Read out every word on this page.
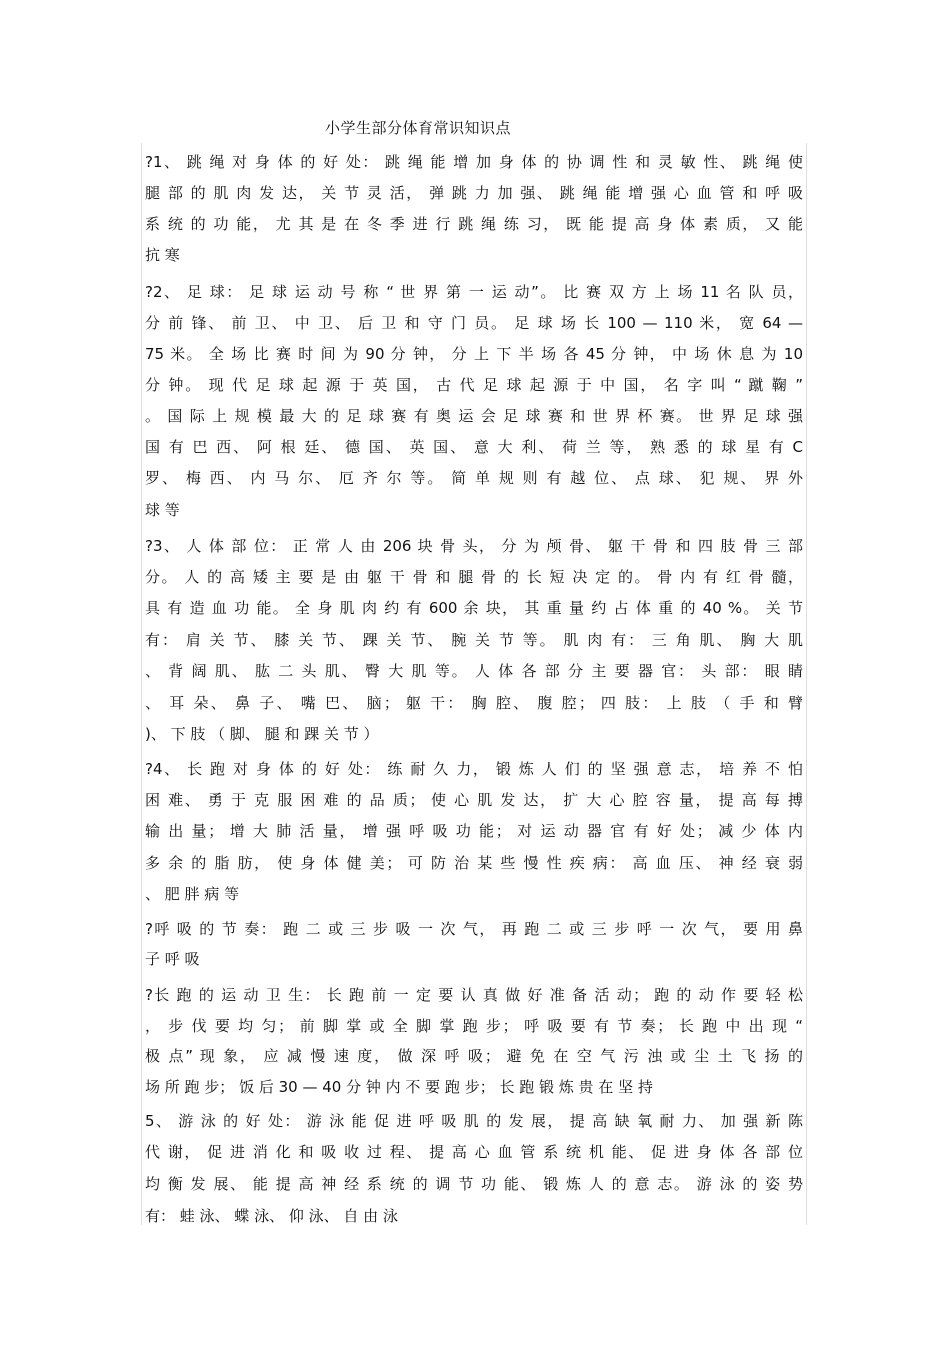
小学生部分体育常识知识点
?1、 跳 绳 对 身 体 的 好 处： 跳 绳 能 增 加 身 体 的 协 调 性 和 灵 敏 性、 跳 绳 使
腿 部 的 肌 肉 发 达， 关 节 灵 活， 弹 跳 力 加 强、 跳 绳 能 增 强 心 血 管 和 呼 吸
系 统 的 功 能， 尤 其 是 在 冬 季 进 行 跳 绳 练 习， 既 能 提 高 身 体 素 质， 又 能
抗 寒
?2、 足 球： 足 球 运 动 号 称 “ 世 界 第 一 运 动”。 比 赛 双 方 上 场 11 名 队 员，
分 前 锋、 前 卫、 中 卫、 后 卫 和 守 门 员。 足 球 场 长 100 — 110 米， 宽 64 —
75 米。 全 场 比 赛 时 间 为 90 分 钟， 分 上 下 半 场 各 45 分 钟， 中 场 休 息 为 10
分 钟。 现 代 足 球 起 源 于 英 国， 古 代 足 球 起 源 于 中 国， 名 字 叫 “ 蹴 鞠 ”
。 国 际 上 规 模 最 大 的 足 球 赛 有 奥 运 会 足 球 赛 和 世 界 杯 赛。 世 界 足 球 强
国 有 巴 西、 阿 根 廷、 德 国、 英 国、 意 大 利、 荷 兰 等， 熟 悉 的 球 星 有 C
罗、 梅 西、 内 马 尔、 厄 齐 尔 等。 简 单 规 则 有 越 位、 点 球、 犯 规、 界 外
球 等
?3、 人 体 部 位： 正 常 人 由 206 块 骨 头， 分 为 颅 骨、 躯 干 骨 和 四 肢 骨 三 部
分。 人 的 高 矮 主 要 是 由 躯 干 骨 和 腿 骨 的 长 短 决 定 的。 骨 内 有 红 骨 髓，
具 有 造 血 功 能。 全 身 肌 肉 约 有 600 余 块， 其 重 量 约 占 体 重 的 40 %。 关 节
有： 肩 关 节、 膝 关 节、 踝 关 节、 腕 关 节 等。 肌 肉 有： 三 角 肌、 胸 大 肌
、 背 阔 肌、 肱 二 头 肌、 臀 大 肌 等。 人 体 各 部 分 主 要 器 官： 头 部： 眼 睛
、 耳 朵、 鼻 子、 嘴 巴、 脑； 躯 干： 胸 腔、 腹 腔； 四 肢： 上 肢 （ 手 和 臂
)、 下 肢 （ 脚、 腿 和 踝 关 节 ）
?4、 长 跑 对 身 体 的 好 处： 练 耐 久 力， 锻 炼 人 们 的 坚 强 意 志， 培 养 不 怕
困 难、 勇 于 克 服 困 难 的 品 质； 使 心 肌 发 达， 扩 大 心 腔 容 量， 提 高 每 搏
输 出 量； 增 大 肺 活 量， 增 强 呼 吸 功 能； 对 运 动 器 官 有 好 处； 减 少 体 内
多 余 的 脂 肪， 使 身 体 健 美； 可 防 治 某 些 慢 性 疾 病： 高 血 压、 神 经 衰 弱
、 肥 胖 病 等
?呼 吸 的 节 奏： 跑 二 或 三 步 吸 一 次 气， 再 跑 二 或 三 步 呼 一 次 气， 要 用 鼻
子 呼 吸
?长 跑 的 运 动 卫 生： 长 跑 前 一 定 要 认 真 做 好 准 备 活 动； 跑 的 动 作 要 轻 松
， 步 伐 要 均 匀； 前 脚 掌 或 全 脚 掌 跑 步； 呼 吸 要 有 节 奏； 长 跑 中 出 现 “
极 点” 现 象， 应 减 慢 速 度， 做 深 呼 吸； 避 免 在 空 气 污 浊 或 尘 土 飞 扬 的
场 所 跑 步； 饭 后 30 — 40 分 钟 内 不 要 跑 步； 长 跑 锻 炼 贵 在 坚 持
5、 游 泳 的 好 处： 游 泳 能 促 进 呼 吸 肌 的 发 展， 提 高 缺 氧 耐 力、 加 强 新 陈
代 谢， 促 进 消 化 和 吸 收 过 程、 提 高 心 血 管 系 统 机 能、 促 进 身 体 各 部 位
均 衡 发 展、 能 提 高 神 经 系 统 的 调 节 功 能、 锻 炼 人 的 意 志。 游 泳 的 姿 势
有： 蛙 泳、 蝶 泳、 仰 泳、 自 由 泳
